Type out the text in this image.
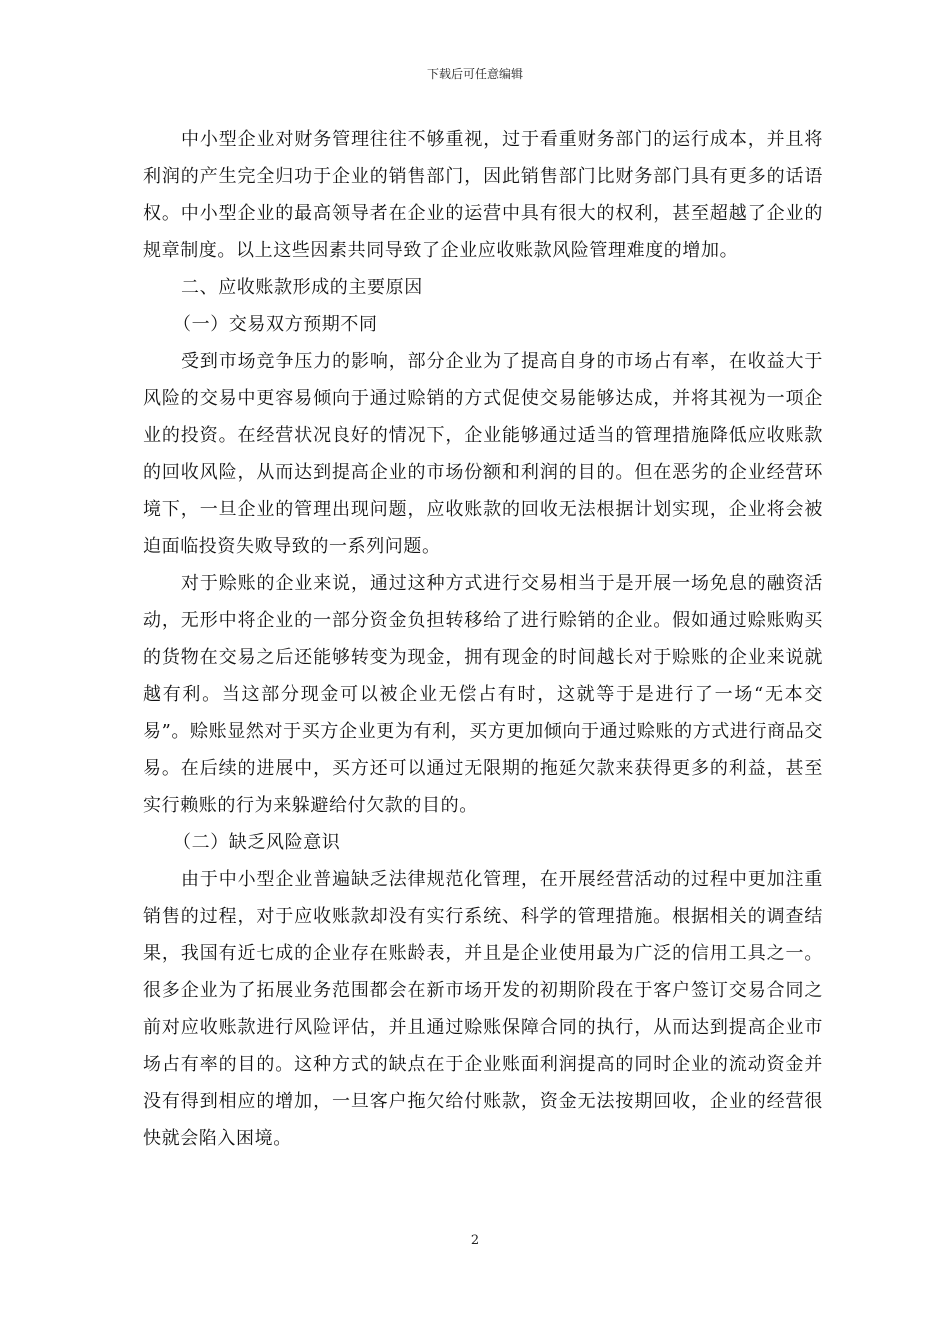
下载后可任意编辑

中小型企业对财务管理往往不够重视，过于看重财务部门的运行成本，并且将利润的产生完全归功于企业的销售部门，因此销售部门比财务部门具有更多的话语权。中小型企业的最高领导者在企业的运营中具有很大的权利，甚至超越了企业的规章制度。以上这些因素共同导致了企业应收账款风险管理难度的增加。

二、应收账款形成的主要原因

（一）交易双方预期不同

受到市场竞争压力的影响，部分企业为了提高自身的市场占有率，在收益大于风险的交易中更容易倾向于通过赊销的方式促使交易能够达成，并将其视为一项企业的投资。在经营状况良好的情况下，企业能够通过适当的管理措施降低应收账款的回收风险，从而达到提高企业的市场份额和利润的目的。但在恶劣的企业经营环境下，一旦企业的管理出现问题，应收账款的回收无法根据计划实现，企业将会被迫面临投资失败导致的一系列问题。

对于赊账的企业来说，通过这种方式进行交易相当于是开展一场免息的融资活动，无形中将企业的一部分资金负担转移给了进行赊销的企业。假如通过赊账购买的货物在交易之后还能够转变为现金，拥有现金的时间越长对于赊账的企业来说就越有利。当这部分现金可以被企业无偿占有时，这就等于是进行了一场“无本交易”。赊账显然对于买方企业更为有利，买方更加倾向于通过赊账的方式进行商品交易。在后续的进展中，买方还可以通过无限期的拖延欠款来获得更多的利益，甚至实行赖账的行为来躲避给付欠款的目的。

（二）缺乏风险意识

由于中小型企业普遍缺乏法律规范化管理，在开展经营活动的过程中更加注重销售的过程，对于应收账款却没有实行系统、科学的管理措施。根据相关的调查结果，我国有近七成的企业存在账龄表，并且是企业使用最为广泛的信用工具之一。很多企业为了拓展业务范围都会在新市场开发的初期阶段在于客户签订交易合同之前对应收账款进行风险评估，并且通过赊账保障合同的执行，从而达到提高企业市场占有率的目的。这种方式的缺点在于企业账面利润提高的同时企业的流动资金并没有得到相应的增加，一旦客户拖欠给付账款，资金无法按期回收，企业的经营很快就会陷入困境。

2
